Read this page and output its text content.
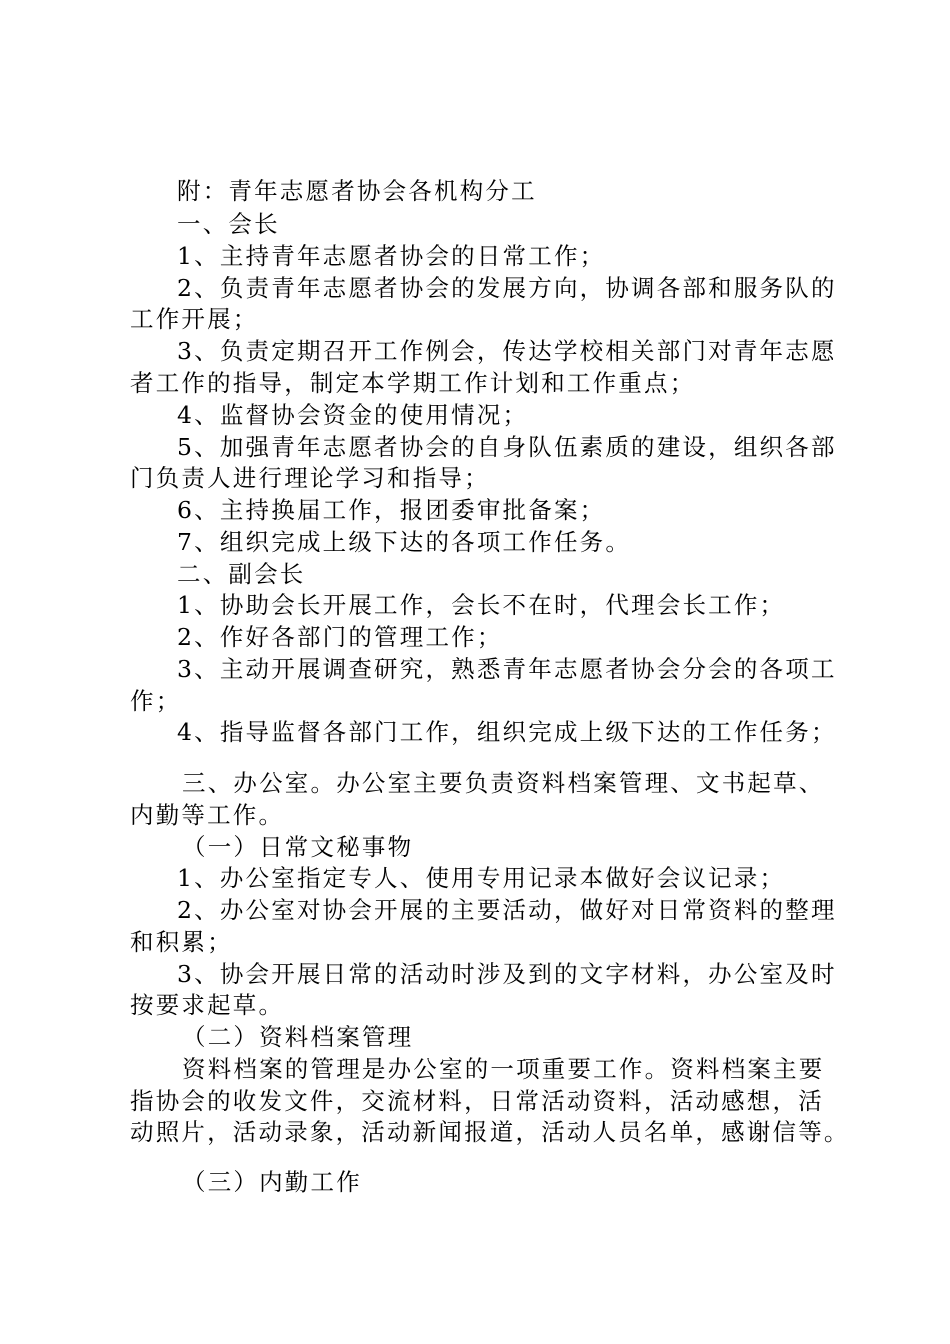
附：青年志愿者协会各机构分工
一、会长
1、主持青年志愿者协会的日常工作；
2、负责青年志愿者协会的发展方向，协调各部和服务队的
工作开展；
3、负责定期召开工作例会，传达学校相关部门对青年志愿
者工作的指导，制定本学期工作计划和工作重点；
4、监督协会资金的使用情况；
5、加强青年志愿者协会的自身队伍素质的建设，组织各部
门负责人进行理论学习和指导；
6、主持换届工作，报团委审批备案；
7、组织完成上级下达的各项工作任务。
二、副会长
1、协助会长开展工作，会长不在时，代理会长工作；
2、作好各部门的管理工作；
3、主动开展调查研究，熟悉青年志愿者协会分会的各项工
作；
4、指导监督各部门工作，组织完成上级下达的工作任务；
三、办公室。办公室主要负责资料档案管理、文书起草、
内勤等工作。
（一）日常文秘事物
1、办公室指定专人、使用专用记录本做好会议记录；
2、办公室对协会开展的主要活动，做好对日常资料的整理
和积累；
3、协会开展日常的活动时涉及到的文字材料，办公室及时
按要求起草。
（二）资料档案管理
资料档案的管理是办公室的一项重要工作。资料档案主要
指协会的收发文件，交流材料，日常活动资料，活动感想，活
动照片，活动录象，活动新闻报道，活动人员名单，感谢信等。
（三）内勤工作
